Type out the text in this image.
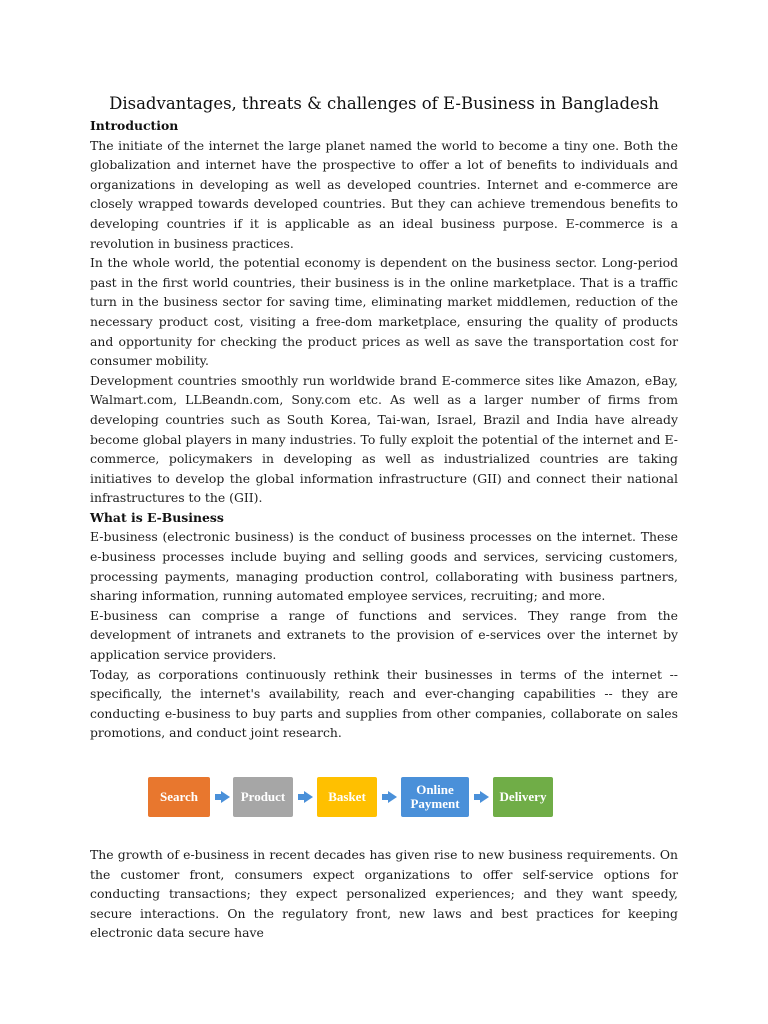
Disadvantages, threats & challenges of E-Business in Bangladesh
Introduction

The initiate of the internet the large planet named the world to become a tiny one. Both the globalization and internet have the prospective to offer a lot of benefits to individuals and organizations in developing as well as developed countries. Internet and e-commerce are closely wrapped towards developed countries. But they can achieve tremendous benefits to developing countries if it is applicable as an ideal business purpose. E-commerce is a revolution in business practices.

In the whole world, the potential economy is dependent on the business sector. Long-period past in the first world countries, their business is in the online marketplace. That is a traffic turn in the business sector for saving time, eliminating market middlemen, reduction of the necessary product cost, visiting a free-dom marketplace, ensuring the quality of products and opportunity for checking the product prices as well as save the transportation cost for consumer mobility.

Development countries smoothly run worldwide brand E-commerce sites like Amazon, eBay, Walmart.com, LLBeandn.com, Sony.com etc. As well as a larger number of firms from developing countries such as South Korea, Tai-wan, Israel, Brazil and India have already become global players in many industries. To fully exploit the potential of the internet and E-commerce, policymakers in developing as well as industrialized countries are taking initiatives to develop the global information infrastructure (GII) and connect their national infrastructures to the (GII).

What is E-Business

E-business (electronic business) is the conduct of business processes on the internet. These e-business processes include buying and selling goods and services, servicing customers, processing payments, managing production control, collaborating with business partners, sharing information, running automated employee services, recruiting; and more.

E-business can comprise a range of functions and services. They range from the development of intranets and extranets to the provision of e-services over the internet by application service providers.

Today, as corporations continuously rethink their businesses in terms of the internet -- specifically, the internet's availability, reach and ever-changing capabilities -- they are conducting e-business to buy parts and supplies from other companies, collaborate on sales promotions, and conduct joint research.

Search	Product	Basket	Online Payment	Delivery

The growth of e-business in recent decades has given rise to new business requirements. On the customer front, consumers expect organizations to offer self-service options for conducting transactions; they expect personalized experiences; and they want speedy, secure interactions. On the regulatory front, new laws and best practices for keeping electronic data secure have
